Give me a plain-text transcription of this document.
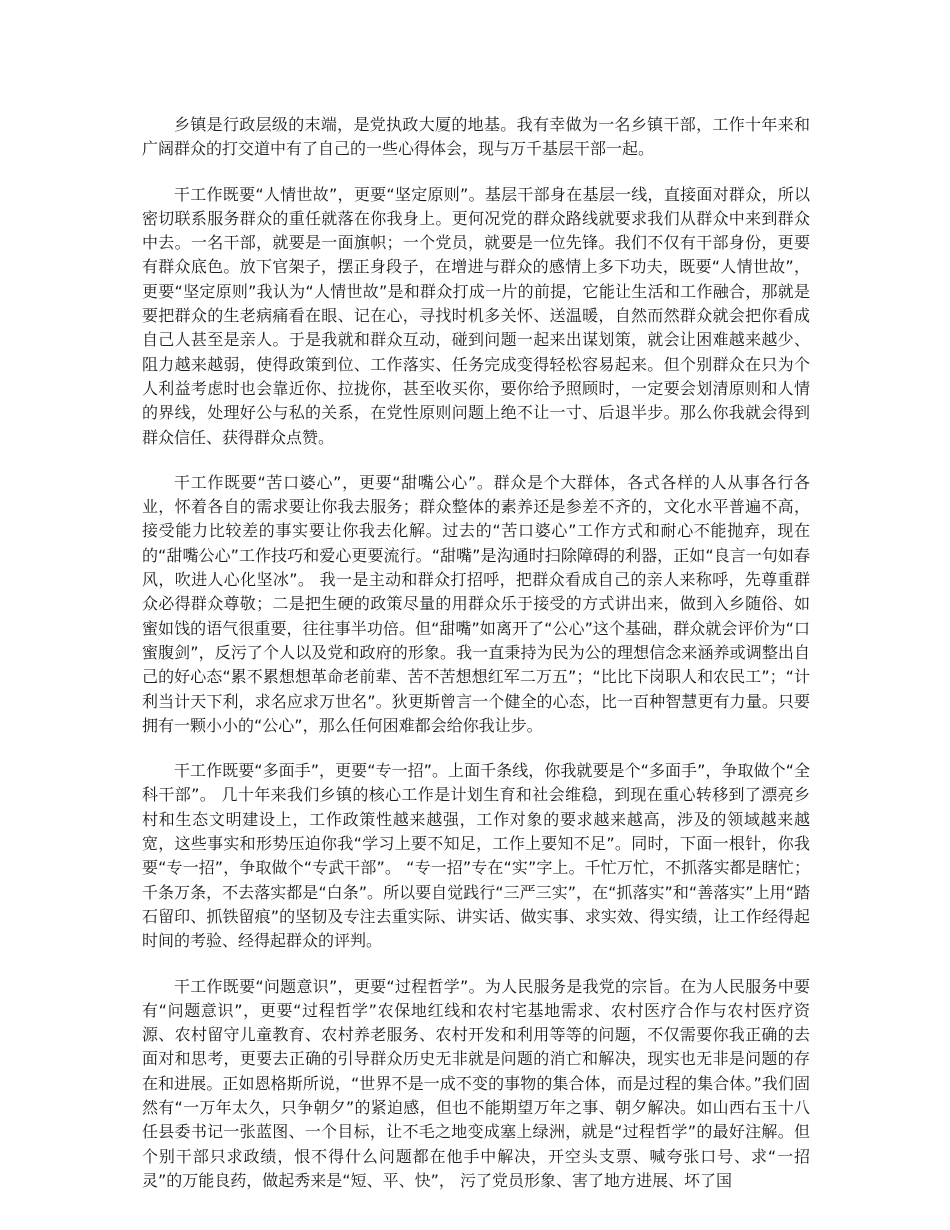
乡镇是行政层级的末端，是党执政大厦的地基。我有幸做为一名乡镇干部，工作十年来和广阔群众的打交道中有了自己的一些心得体会，现与万千基层干部一起。

干工作既要“人情世故”，更要“坚定原则”。基层干部身在基层一线，直接面对群众，所以密切联系服务群众的重任就落在你我身上。更何况党的群众路线就要求我们从群众中来到群众中去。一名干部，就要是一面旗帜；一个党员，就要是一位先锋。我们不仅有干部身份，更要有群众底色。放下官架子，摆正身段子，在增进与群众的感情上多下功夫，既要“人情世故”，更要“坚定原则”我认为“人情世故”是和群众打成一片的前提，它能让生活和工作融合，那就是要把群众的生老病痛看在眼、记在心，寻找时机多关怀、送温暖，自然而然群众就会把你看成自己人甚至是亲人。于是我就和群众互动，碰到问题一起来出谋划策，就会让困难越来越少、阻力越来越弱，使得政策到位、工作落实、任务完成变得轻松容易起来。但个别群众在只为个人利益考虑时也会靠近你、拉拢你，甚至收买你，要你给予照顾时，一定要会划清原则和人情的界线，处理好公与私的关系，在党性原则问题上绝不让一寸、后退半步。那么你我就会得到群众信任、获得群众点赞。

干工作既要“苦口婆心”，更要“甜嘴公心”。群众是个大群体，各式各样的人从事各行各业，怀着各自的需求要让你我去服务；群众整体的素养还是参差不齐的，文化水平普遍不高，接受能力比较差的事实要让你我去化解。过去的“苦口婆心”工作方式和耐心不能抛弃，现在的“甜嘴公心”工作技巧和爱心更要流行。“甜嘴”是沟通时扫除障碍的利器，正如“良言一句如春风，吹进人心化坚冰”。 我一是主动和群众打招呼，把群众看成自己的亲人来称呼，先尊重群众必得群众尊敬；二是把生硬的政策尽量的用群众乐于接受的方式讲出来，做到入乡随俗、如蜜如饯的语气很重要，往往事半功倍。但“甜嘴”如离开了“公心”这个基础，群众就会评价为“口蜜腹剑”，反污了个人以及党和政府的形象。我一直秉持为民为公的理想信念来涵养或调整出自己的好心态“累不累想想革命老前辈、苦不苦想想红军二万五”；“比比下岗职人和农民工”；“计利当计天下利，求名应求万世名”。狄更斯曾言一个健全的心态，比一百种智慧更有力量。只要拥有一颗小小的“公心”，那么任何困难都会给你我让步。

干工作既要“多面手”，更要“专一招”。上面千条线，你我就要是个“多面手”，争取做个“全科干部”。 几十年来我们乡镇的核心工作是计划生育和社会维稳，到现在重心转移到了漂亮乡村和生态文明建设上，工作政策性越来越强，工作对象的要求越来越高，涉及的领域越来越宽，这些事实和形势压迫你我“学习上要不知足，工作上要知不足”。同时，下面一根针，你我要“专一招”，争取做个“专武干部”。 “专一招”专在“实”字上。千忙万忙，不抓落实都是瞎忙；千条万条，不去落实都是“白条”。所以要自觉践行“三严三实”，在“抓落实”和“善落实”上用“踏石留印、抓铁留痕”的坚韧及专注去重实际、讲实话、做实事、求实效、得实绩，让工作经得起时间的考验、经得起群众的评判。

干工作既要“问题意识”，更要“过程哲学”。为人民服务是我党的宗旨。在为人民服务中要有“问题意识”，更要“过程哲学”农保地红线和农村宅基地需求、农村医疗合作与农村医疗资源、农村留守儿童教育、农村养老服务、农村开发和利用等等的问题，不仅需要你我正确的去面对和思考，更要去正确的引导群众历史无非就是问题的消亡和解决，现实也无非是问题的存在和进展。正如恩格斯所说，“世界不是一成不变的事物的集合体，而是过程的集合体。”我们固然有“一万年太久，只争朝夕”的紧迫感，但也不能期望万年之事、朝夕解决。如山西右玉十八任县委书记一张蓝图、一个目标，让不毛之地变成塞上绿洲，就是“过程哲学”的最好注解。但个别干部只求政绩，恨不得什么问题都在他手中解决，开空头支票、喊夸张口号、求“一招灵”的万能良药，做起秀来是“短、平、快”， 污了党员形象、害了地方进展、坏了国
